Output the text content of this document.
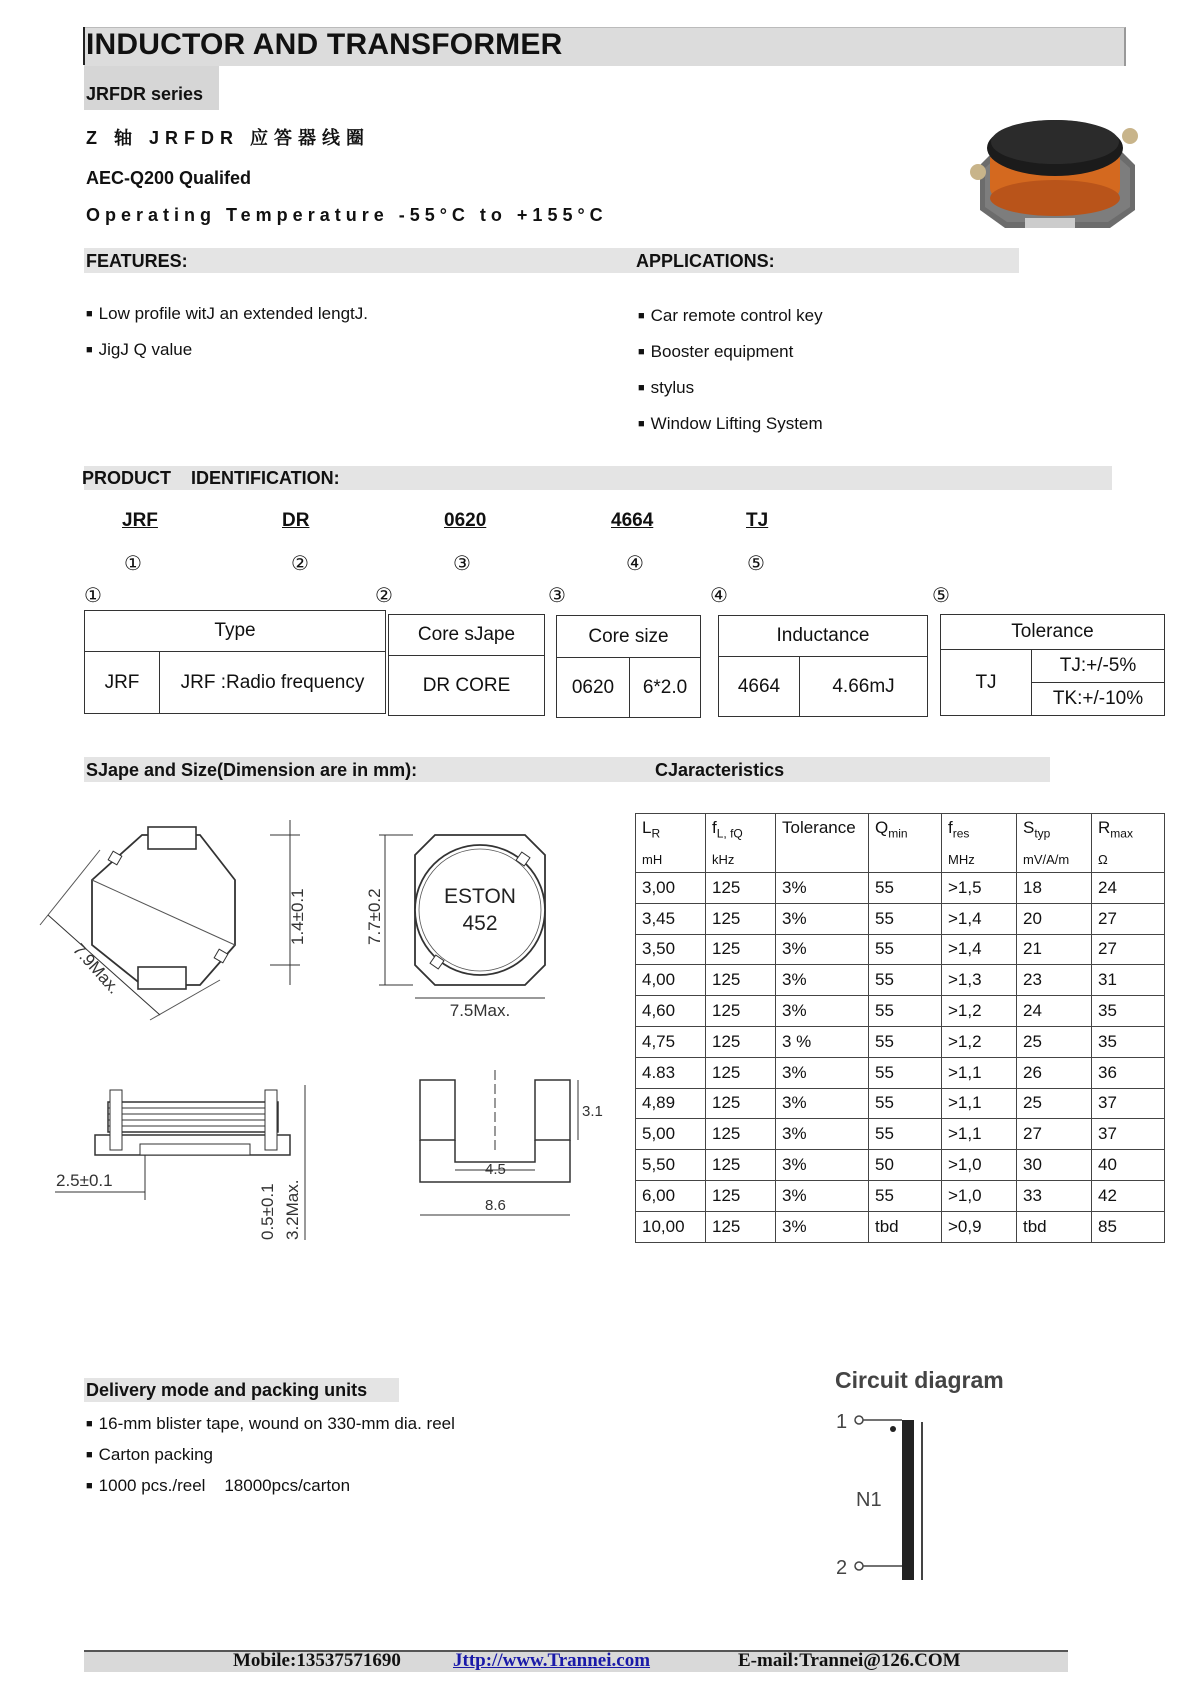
INDUCTOR AND TRANSFORMER
JRFDR series
Z 轴 JRFDR 应答器线圈
AEC-Q200 Qualifed
Operating Temperature -55°C to +155°C
FEATURES:	APPLICATIONS:
■ Low profile witJ an extended lengtJ.
■ JigJ Q value
■ Car remote control key
■ Booster equipment
■ stylus
■ Window Lifting System
PRODUCT    IDENTIFICATION:
JRF	DR	0620	4664	TJ
①	②	③	④	⑤
①	②	③	④	⑤
Type
JRF	JRF :Radio frequency
Core sJape
DR CORE
Core size
0620	6*2.0
Inductance
4664	4.66mJ
Tolerance
TJ	TJ:+/-5%
TK:+/-10%
SJape and Size(Dimension are in mm):	CJaracteristics
7.9Max.
1.4±0.1	7.7±0.2	ESTON
452
7.5Max.
2.5±0.1
0.5±0.1 3.2Max.
3.1
4.5
8.6
$L_R$	$f_{L, fQ}$	Tolerance	$Q_{min}$	$f_{res}$	$S_{typ}$	$R_{max}$
mH	kHz			MHz	mV/A/m	Ω
3,00	125	3%	55	>1,5	18	24
3,45	125	3%	55	>1,4	20	27
3,50	125	3%	55	>1,4	21	27
4,00	125	3%	55	>1,3	23	31
4,60	125	3%	55	>1,2	24	35
4,75	125	3 %	55	>1,2	25	35
4.83	125	3%	55	>1,1	26	36
4,89	125	3%	55	>1,1	25	37
5,00	125	3%	55	>1,1	27	37
5,50	125	3%	50	>1,0	30	40
6,00	125	3%	55	>1,0	33	42
10,00	125	3%	tbd	>0,9	tbd	85
Delivery mode and packing units
■ 16-mm blister tape, wound on 330-mm dia. reel
■ Carton packing
■ 1000 pcs./reel    18000pcs/carton
Circuit diagram
1
N1
2
Mobile:13537571690	Jttp://www.Trannei.com	E-mail:Trannei@126.COM
